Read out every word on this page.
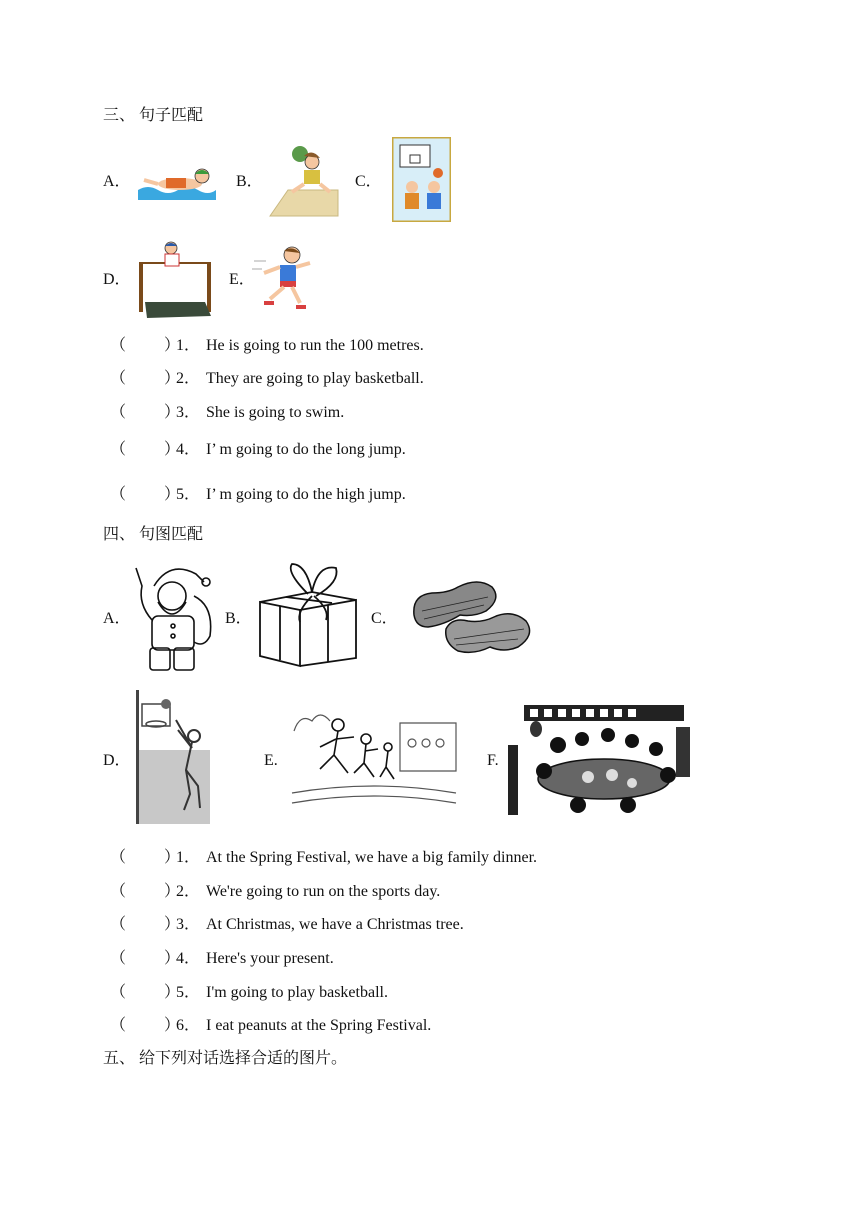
三、 句子匹配
A．	B．	C．
D．	E．
（ ）
1． He is going to run the 100 metres.
（ ）
2． They are going to play basketball.
（ ）
3． She is going to swim.
（ ）
4． I’ m going to do the long jump.
（ ）
5． I’ m going to do the high jump.
四、 句图匹配
A．	B．	C．
D．	E.	F.
（ ）
1． At the Spring Festival, we have a big family dinner.
（ ）
2． We're going to run on the sports day.
（ ）
3． At Christmas, we have a Christmas tree.
（ ）
4． Here's your present.
（ ）
5． I'm going to play basketball.
（ ）
6． I eat peanuts at the Spring Festival.
五、 给下列对话选择合适的图片。
